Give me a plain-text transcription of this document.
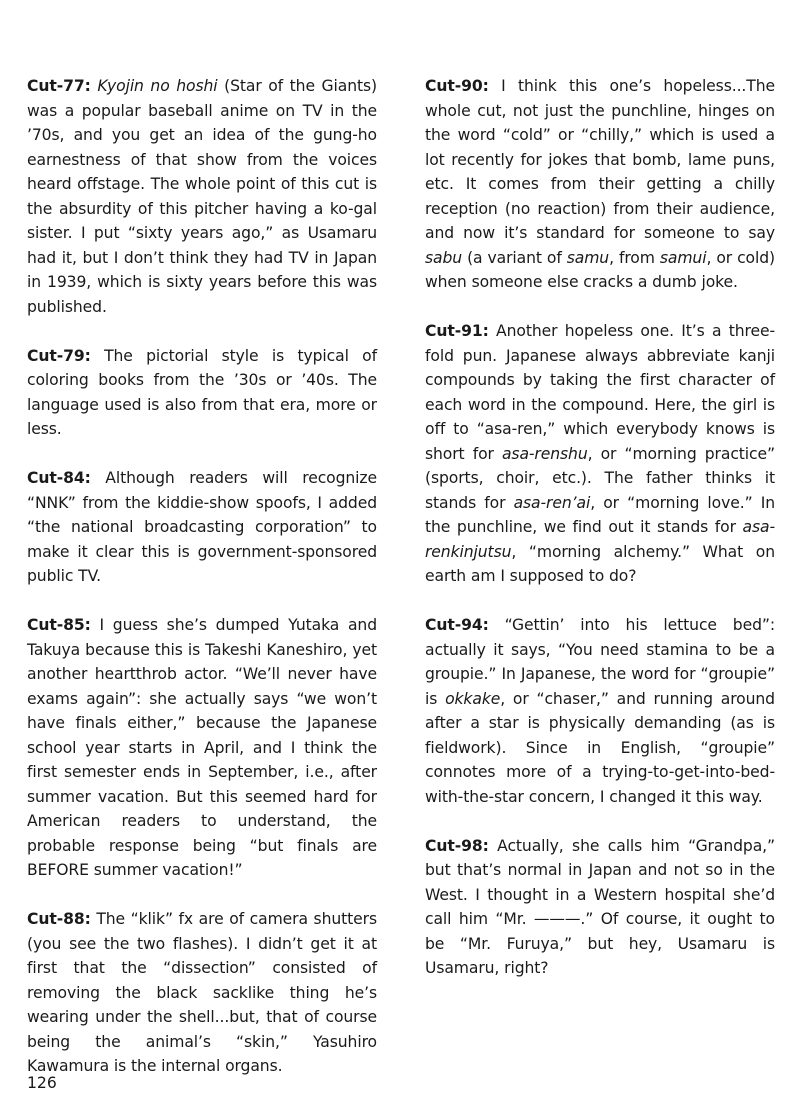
Cut-77: Kyojin no hoshi (Star of the Giants) was a popular baseball anime on TV in the ’70s, and you get an idea of the gung-ho earnestness of that show from the voices heard offstage. The whole point of this cut is the absurdity of this pitcher having a ko-gal sister. I put “sixty years ago,” as Usamaru had it, but I don’t think they had TV in Japan in 1939, which is sixty years before this was published.

Cut-79: The pictorial style is typical of coloring books from the ’30s or ’40s. The language used is also from that era, more or less.

Cut-84: Although readers will recognize “NNK” from the kiddie-show spoofs, I added “the national broadcasting corporation” to make it clear this is government-sponsored public TV.

Cut-85: I guess she’s dumped Yutaka and Takuya because this is Takeshi Kaneshiro, yet another heartthrob actor. “We’ll never have exams again”: she actually says “we won’t have finals either,” because the Japanese school year starts in April, and I think the first semester ends in September, i.e., after summer vacation. But this seemed hard for American readers to understand, the probable response being “but finals are BEFORE summer vacation!”

Cut-88: The “klik” fx are of camera shutters (you see the two flashes). I didn’t get it at first that the “dissection” consisted of removing the black sacklike thing he’s wearing under the shell...but, that of course being the animal’s “skin,” Yasuhiro Kawamura is the internal organs.

Cut-90: I think this one’s hopeless...The whole cut, not just the punchline, hinges on the word “cold” or “chilly,” which is used a lot recently for jokes that bomb, lame puns, etc. It comes from their getting a chilly reception (no reaction) from their audience, and now it’s standard for someone to say sabu (a variant of samu, from samui, or cold) when someone else cracks a dumb joke.

Cut-91: Another hopeless one. It’s a three-fold pun. Japanese always abbreviate kanji compounds by taking the first character of each word in the compound. Here, the girl is off to “asa-ren,” which everybody knows is short for asa-renshu, or “morning practice” (sports, choir, etc.). The father thinks it stands for asa-ren’ai, or “morning love.” In the punchline, we find out it stands for asa-renkinjutsu, “morning alchemy.” What on earth am I supposed to do?

Cut-94: “Gettin’ into his lettuce bed”: actually it says, “You need stamina to be a groupie.” In Japanese, the word for “groupie” is okkake, or “chaser,” and running around after a star is physically demanding (as is fieldwork). Since in English, “groupie” connotes more of a trying-to-get-into-bed-with-the-star concern, I changed it this way.

Cut-98: Actually, she calls him “Grandpa,” but that’s normal in Japan and not so in the West. I thought in a Western hospital she’d call him “Mr. ———.” Of course, it ought to be “Mr. Furuya,” but hey, Usamaru is Usamaru, right?

126
